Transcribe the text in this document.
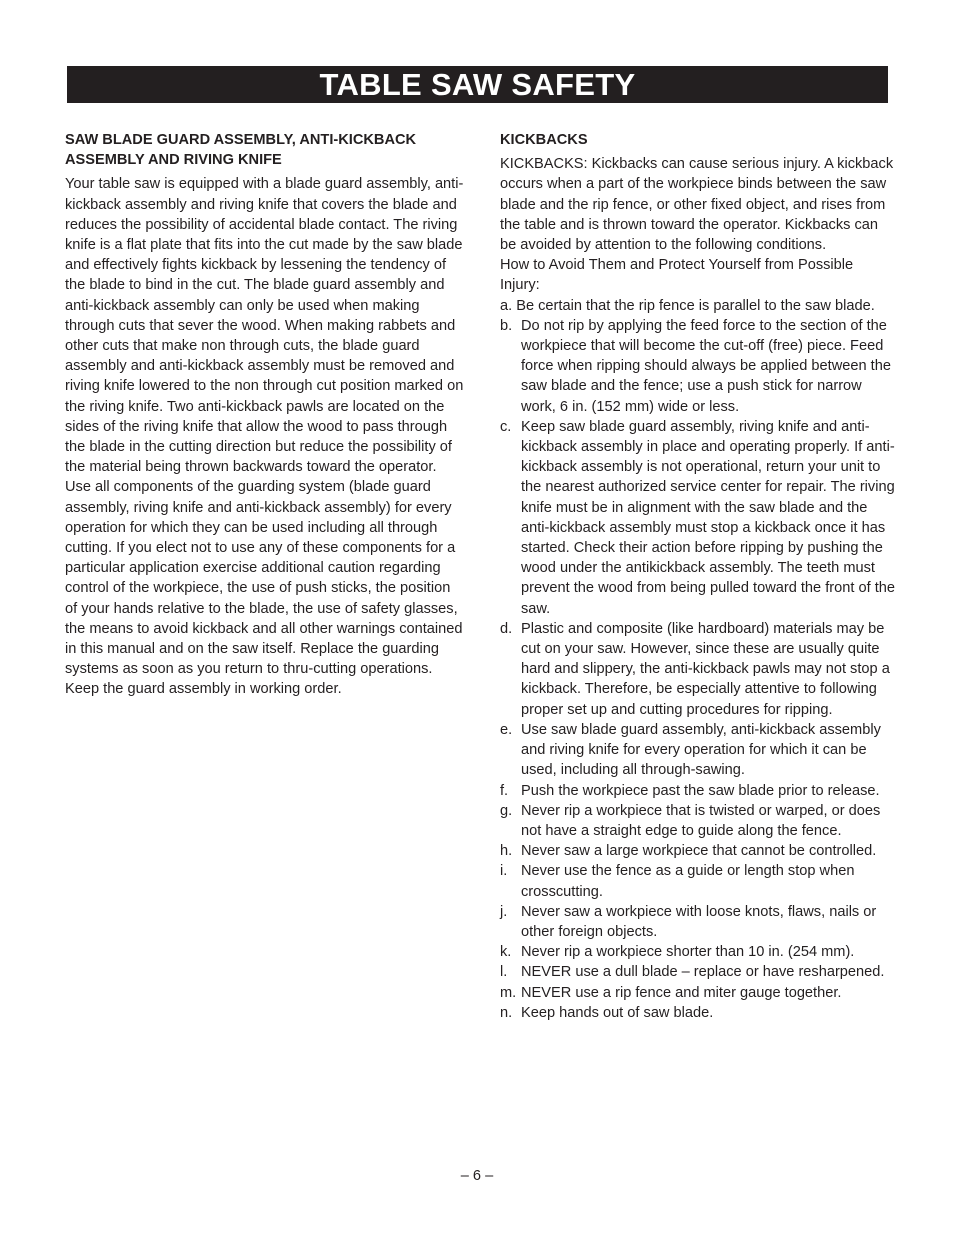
TABLE SAW SAFETY
SAW BLADE GUARD ASSEMBLY, ANTI-KICKBACK
ASSEMBLY AND RIVING KNIFE

Your table saw is equipped with a blade guard assembly, anti-kickback assembly and riving knife that covers the blade and reduces the possibility of accidental blade contact. The riving knife is a flat plate that fits into the cut made by the saw blade and effectively fights kickback by lessening the tendency of the blade to bind in the cut. The blade guard assembly and anti-kickback assembly can only be used when making through cuts that sever the wood. When making rabbets and other cuts that make non through cuts, the blade guard assembly and anti-kickback assembly must be removed and riving knife lowered to the non through cut position marked on the riving knife. Two anti-kickback pawls are located on the sides of the riving knife that allow the wood to pass through the blade in the cutting direction but reduce the possibility of the material being thrown backwards toward the operator. Use all components of the guarding system (blade guard assembly, riving knife and anti-kickback assembly) for every operation for which they can be used including all through cutting. If you elect not to use any of these components for a particular application exercise additional caution regarding control of the workpiece, the use of push sticks, the position of your hands relative to the blade, the use of safety glasses, the means to avoid kickback and all other warnings contained in this manual and on the saw itself. Replace the guarding systems as soon as you return to thru-cutting operations. Keep the guard assembly in working order.

KICKBACKS

KICKBACKS: Kickbacks can cause serious injury. A kickback occurs when a part of the workpiece binds between the saw blade and the rip fence, or other fixed object, and rises from the table and is thrown toward the operator. Kickbacks can be avoided by attention to the following conditions.

How to Avoid Them and Protect Yourself from Possible Injury:

a. Be certain that the rip fence is parallel to the saw blade.
b. Do not rip by applying the feed force to the section of the workpiece that will become the cut-off (free) piece. Feed force when ripping should always be applied between the saw blade and the fence; use a push stick for narrow work, 6 in. (152 mm) wide or less.
c. Keep saw blade guard assembly, riving knife and anti-kickback assembly in place and operating properly. If anti-kickback assembly is not operational, return your unit to the nearest authorized service center for repair. The riving knife must be in alignment with the saw blade and the anti-kickback assembly must stop a kickback once it has started. Check their action before ripping by pushing the wood under the antikickback assembly. The teeth must prevent the wood from being pulled toward the front of the saw.
d. Plastic and composite (like hardboard) materials may be cut on your saw. However, since these are usually quite hard and slippery, the anti-kickback pawls may not stop a kickback. Therefore, be especially attentive to following proper set up and cutting procedures for ripping.
e. Use saw blade guard assembly, anti-kickback assembly and riving knife for every operation for which it can be used, including all through-sawing.
f. Push the workpiece past the saw blade prior to release.
g. Never rip a workpiece that is twisted or warped, or does not have a straight edge to guide along the fence.
h. Never saw a large workpiece that cannot be controlled.
i. Never use the fence as a guide or length stop when crosscutting.
j. Never saw a workpiece with loose knots, flaws, nails or other foreign objects.
k. Never rip a workpiece shorter than 10 in. (254 mm).
l. NEVER use a dull blade – replace or have resharpened.
m. NEVER use a rip fence and miter gauge together.
n. Keep hands out of saw blade.
– 6 –
